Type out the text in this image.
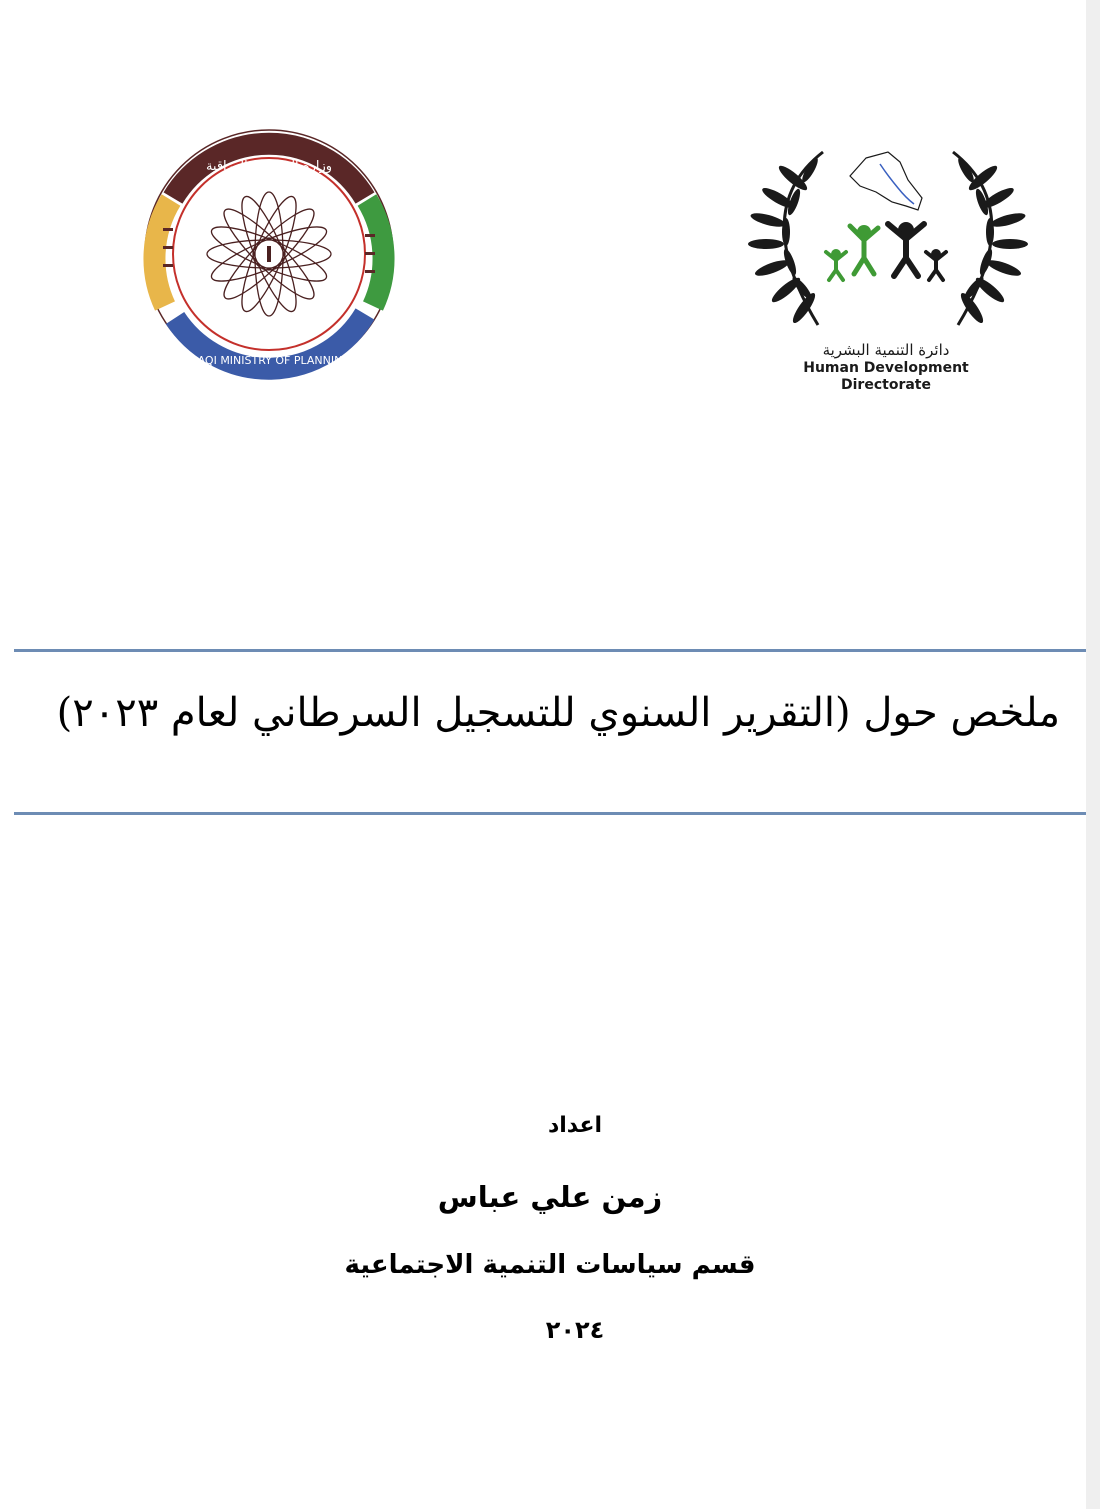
وزارة التخطيط العراقية
IRAQI MINISTRY OF PLANNING
دائرة التنمية البشرية
Human Development
Directorate
ملخص حول (التقرير السنوي للتسجيل السرطاني لعام ٢٠٢٣)
اعداد
زمن علي عباس
قسم سياسات التنمية الاجتماعية
٢٠٢٤
